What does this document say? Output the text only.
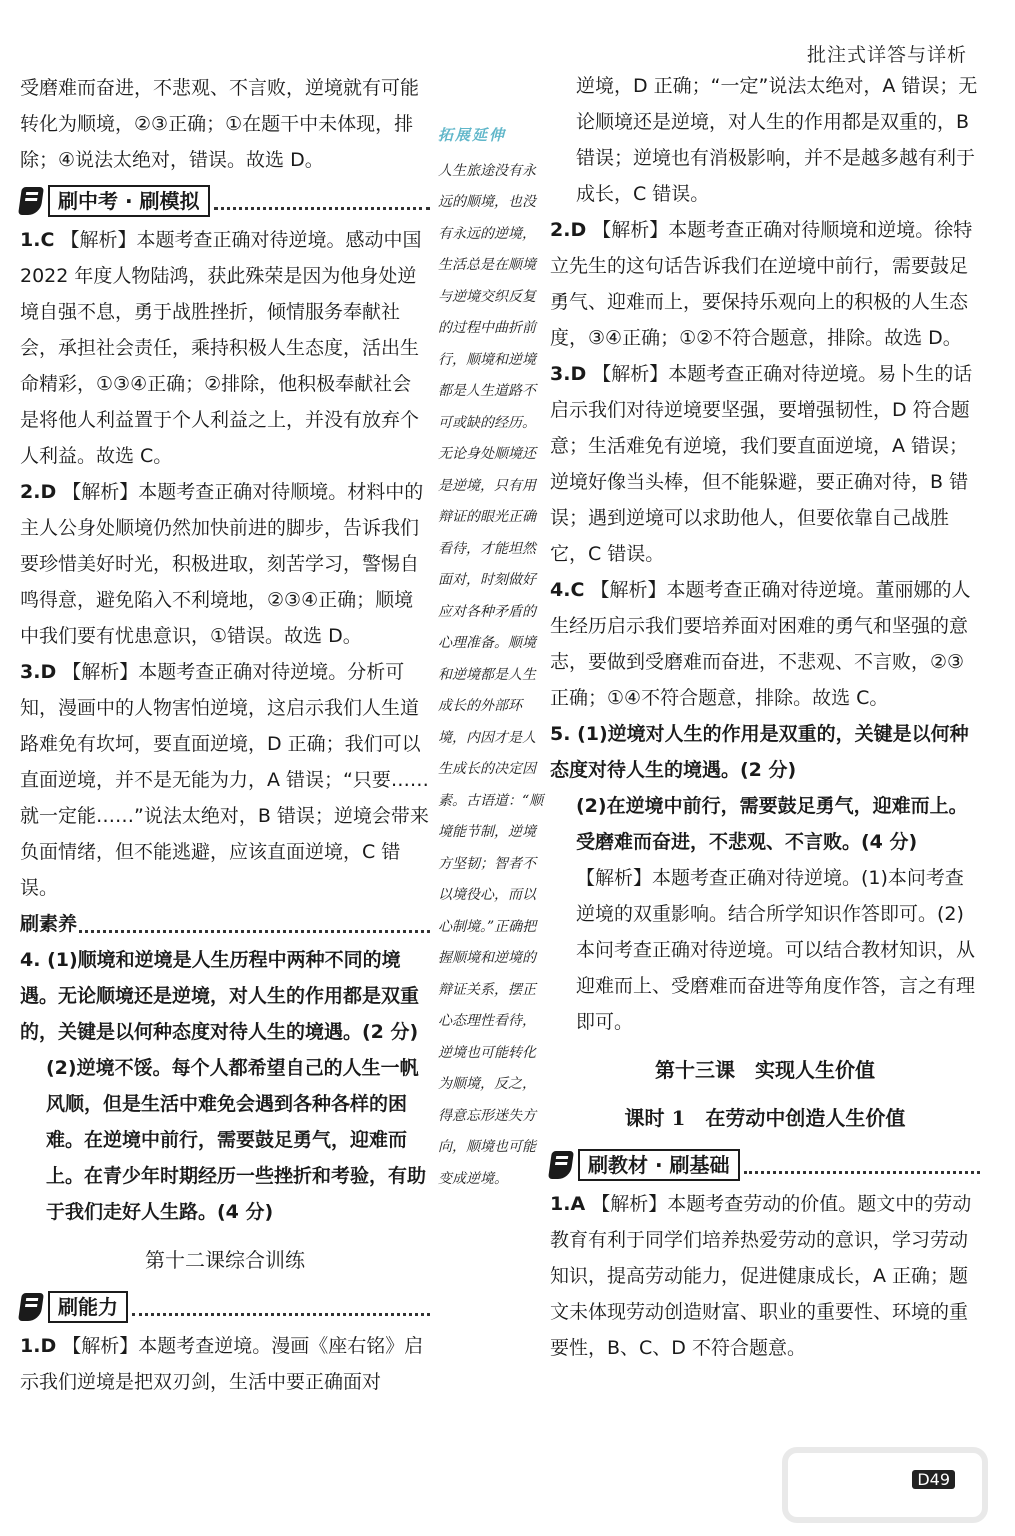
批注式详答与详析

受磨难而奋进，不悲观、不言败，逆境就有可能转化为顺境，②③正确；①在题干中未体现，排除；④说法太绝对，错误。故选 D。

刷中考 · 刷模拟

1.C 【解析】本题考查正确对待逆境。感动中国 2022 年度人物陆鸿，获此殊荣是因为他身处逆境自强不息，勇于战胜挫折，倾情服务奉献社会，承担社会责任，乘持积极人生态度，活出生命精彩，①③④正确；②排除，他积极奉献社会是将他人利益置于个人利益之上，并没有放弃个人利益。故选 C。

2.D 【解析】本题考查正确对待顺境。材料中的主人公身处顺境仍然加快前进的脚步，告诉我们要珍惜美好时光，积极进取，刻苦学习，警惕自鸣得意，避免陷入不利境地，②③④正确；顺境中我们要有忧患意识，①错误。故选 D。

3.D 【解析】本题考查正确对待逆境。分析可知，漫画中的人物害怕逆境，这启示我们人生道路难免有坎坷，要直面逆境，D 正确；我们可以直面逆境，并不是无能为力，A 错误；“只要……就一定能……”说法太绝对，B 错误；逆境会带来负面情绪，但不能逃避，应该直面逆境，C 错误。

刷素养

4. (1)顺境和逆境是人生历程中两种不同的境遇。无论顺境还是逆境，对人生的作用都是双重的，关键是以何种态度对待人生的境遇。(2 分)

(2)逆境不馁。每个人都希望自己的人生一帆风顺，但是生活中难免会遇到各种各样的困难。在逆境中前行，需要鼓足勇气，迎难而上。在青少年时期经历一些挫折和考验，有助于我们走好人生路。(4 分)

第十二课综合训练
刷能力

1.D 【解析】本题考查逆境。漫画《座右铭》启示我们逆境是把双刃剑，生活中要正确面对

拓展延伸
人生旅途没有永远的顺境，也没有永远的逆境，生活总是在顺境与逆境交织反复的过程中曲折前行，顺境和逆境都是人生道路不可或缺的经历。无论身处顺境还是逆境，只有用辩证的眼光正确看待，才能坦然面对，时刻做好应对各种矛盾的心理准备。顺境和逆境都是人生成长的外部环境，内因才是人生成长的决定因素。古语道：“顺境能节制，逆境方坚韧；智者不以境役心，而以心制境。”正确把握顺境和逆境的辩证关系，摆正心态理性看待，逆境也可能转化为顺境，反之，得意忘形迷失方向，顺境也可能变成逆境。

逆境，D 正确；“一定”说法太绝对，A 错误；无论顺境还是逆境，对人生的作用都是双重的，B 错误；逆境也有消极影响，并不是越多越有利于成长，C 错误。

2.D 【解析】本题考查正确对待顺境和逆境。徐特立先生的这句话告诉我们在逆境中前行，需要鼓足勇气、迎难而上，要保持乐观向上的积极的人生态度，③④正确；①②不符合题意，排除。故选 D。

3.D 【解析】本题考查正确对待逆境。易卜生的话启示我们对待逆境要坚强，要增强韧性，D 符合题意；生活难免有逆境，我们要直面逆境，A 错误；逆境好像当头棒，但不能躲避，要正确对待，B 错误；遇到逆境可以求助他人，但要依靠自己战胜它，C 错误。

4.C 【解析】本题考查正确对待逆境。董丽娜的人生经历启示我们要培养面对困难的勇气和坚强的意志，要做到受磨难而奋进，不悲观、不言败，②③正确；①④不符合题意，排除。故选 C。

5. (1)逆境对人生的作用是双重的，关键是以何种态度对待人生的境遇。(2 分)

(2)在逆境中前行，需要鼓足勇气，迎难而上。受磨难而奋进，不悲观、不言败。(4 分)

【解析】本题考查正确对待逆境。(1)本问考查逆境的双重影响。结合所学知识作答即可。(2)本问考查正确对待逆境。可以结合教材知识，从迎难而上、受磨难而奋进等角度作答，言之有理即可。

第十三课　实现人生价值
课时 1　在劳动中创造人生价值
刷教材 · 刷基础

1.A 【解析】本题考查劳动的价值。题文中的劳动教育有利于同学们培养热爱劳动的意识，学习劳动知识，提高劳动能力，促进健康成长，A 正确；题文未体现劳动创造财富、职业的重要性、环境的重要性，B、C、D 不符合题意。

D49
